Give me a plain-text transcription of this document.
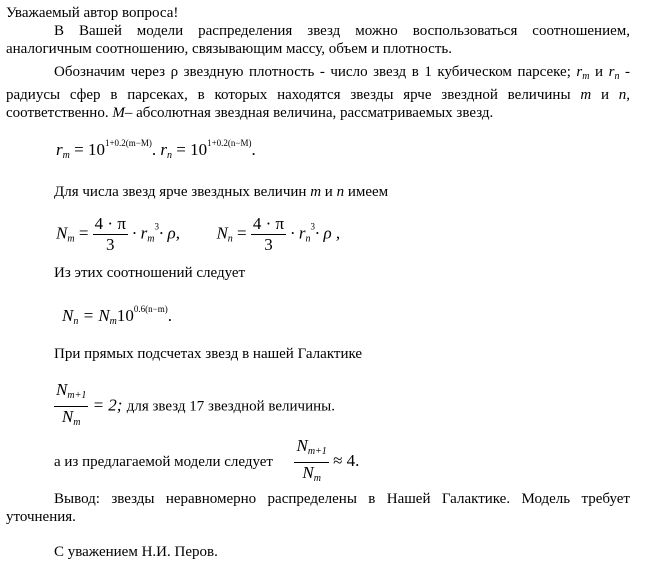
Уважаемый автор вопроса!
В Вашей модели распределения звезд можно воспользоваться соотношением, аналогичным соотношению, связывающим массу, объем и плотность.
Обозначим через ρ звездную плотность - число звезд в 1 кубическом парсеке; $r_m$ и $r_n$ - радиусы сфер в парсеках, в которых находятся звезды ярче звездной величины m и n, соответственно. M– абсолютная звездная величина, рассматриваемых звезд.
$r_m = 10^{1+0.2(m-M)}$. $r_n = 10^{1+0.2(n-M)}$.
Для числа звезд ярче звездных величин m и n имеем
$N_m = \frac{4 \cdot \pi}{3} \cdot r_m^3\cdot \rho$, $N_n = \frac{4 \cdot \pi}{3} \cdot r_n^3\cdot \rho$ ,
Из этих соотношений следует
$N_n = N_m10^{0.6(n-m)}$.
При прямых подсчетах звезд в нашей Галактике
$\frac{N_{m+1}}{N_m} = 2$; для звезд 17 звездной величины.
а из предлагаемой модели следует $\frac{N_{m+1}}{N_m} \approx 4$.
Вывод: звезды неравномерно распределены в Нашей Галактике. Модель требует уточнения.
С уважением Н.И. Перов.
